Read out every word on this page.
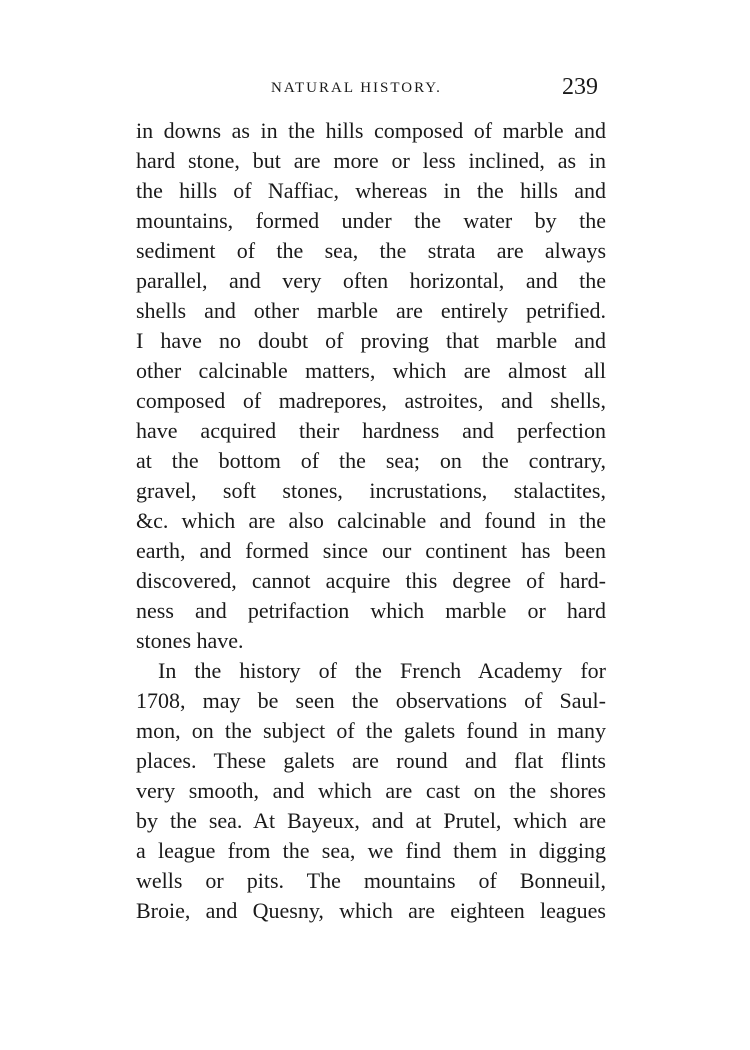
NATURAL HISTORY.	239
in downs as in the hills composed of marble and
hard stone, but are more or less inclined, as in
the hills of Naffiac, whereas in the hills and
mountains, formed under the water by the
sediment of the sea, the strata are always
parallel, and very often horizontal, and the
shells and other marble are entirely petrified.
I have no doubt of proving that marble and
other calcinable matters, which are almost all
composed of madrepores, astroites, and shells,
have acquired their hardness and perfection
at the bottom of the sea; on the contrary,
gravel, soft stones, incrustations, stalactites,
&c. which are also calcinable and found in the
earth, and formed since our continent has been
discovered, cannot acquire this degree of hard-
ness and petrifaction which marble or hard
stones have.
In the history of the French Academy for
1708, may be seen the observations of Saul-
mon, on the subject of the galets found in many
places. These galets are round and flat flints
very smooth, and which are cast on the shores
by the sea. At Bayeux, and at Prutel, which are
a league from the sea, we find them in digging
wells or pits. The mountains of Bonneuil,
Broie, and Quesny, which are eighteen leagues
